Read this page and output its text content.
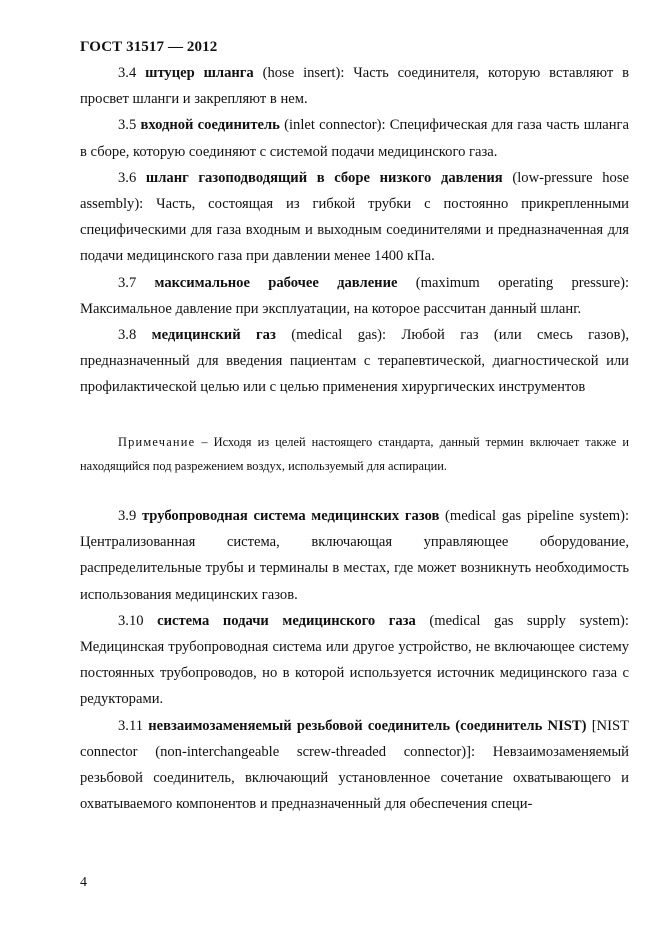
ГОСТ 31517 — 2012

3.4 штуцер шланга (hose insert): Часть соединителя, которую вставляют в просвет шланги и закрепляют в нем.

3.5 входной соединитель (inlet connector): Специфическая для газа часть шланга в сборе, которую соединяют с системой подачи медицинского газа.

3.6 шланг газоподводящий в сборе низкого давления (low-pressure hose assembly): Часть, состоящая из гибкой трубки с постоянно прикрепленными специфическими для газа входным и выходным соединителями и предназначенная для подачи медицинского газа при давлении менее 1400 кПа.

3.7 максимальное рабочее давление (maximum operating pressure): Максимальное давление при эксплуатации, на которое рассчитан данный шланг.

3.8 медицинский газ (medical gas): Любой газ (или смесь газов), предназначенный для введения пациентам с терапевтической, диагностической или профилактической целью или с целью применения хирургических инструментов

Примечание – Исходя из целей настоящего стандарта, данный термин включает также и находящийся под разрежением воздух, используемый для аспирации.

3.9 трубопроводная система медицинских газов (medical gas pipeline system): Централизованная система, включающая управляющее оборудование, распределительные трубы и терминалы в местах, где может возникнуть необходимость использования медицинских газов.

3.10 система подачи медицинского газа (medical gas supply system): Медицинская трубопроводная система или другое устройство, не включающее систему постоянных трубопроводов, но в которой используется источник медицинского газа с редукторами.

3.11 невзаимозаменяемый резьбовой соединитель (соединитель NIST) [NIST connector (non-interchangeable screw-threaded connector)]: Невзаимозаменяемый резьбовой соединитель, включающий установленное сочетание охватывающего и охватываемого компонентов и предназначенный для обеспечения специ-

4
